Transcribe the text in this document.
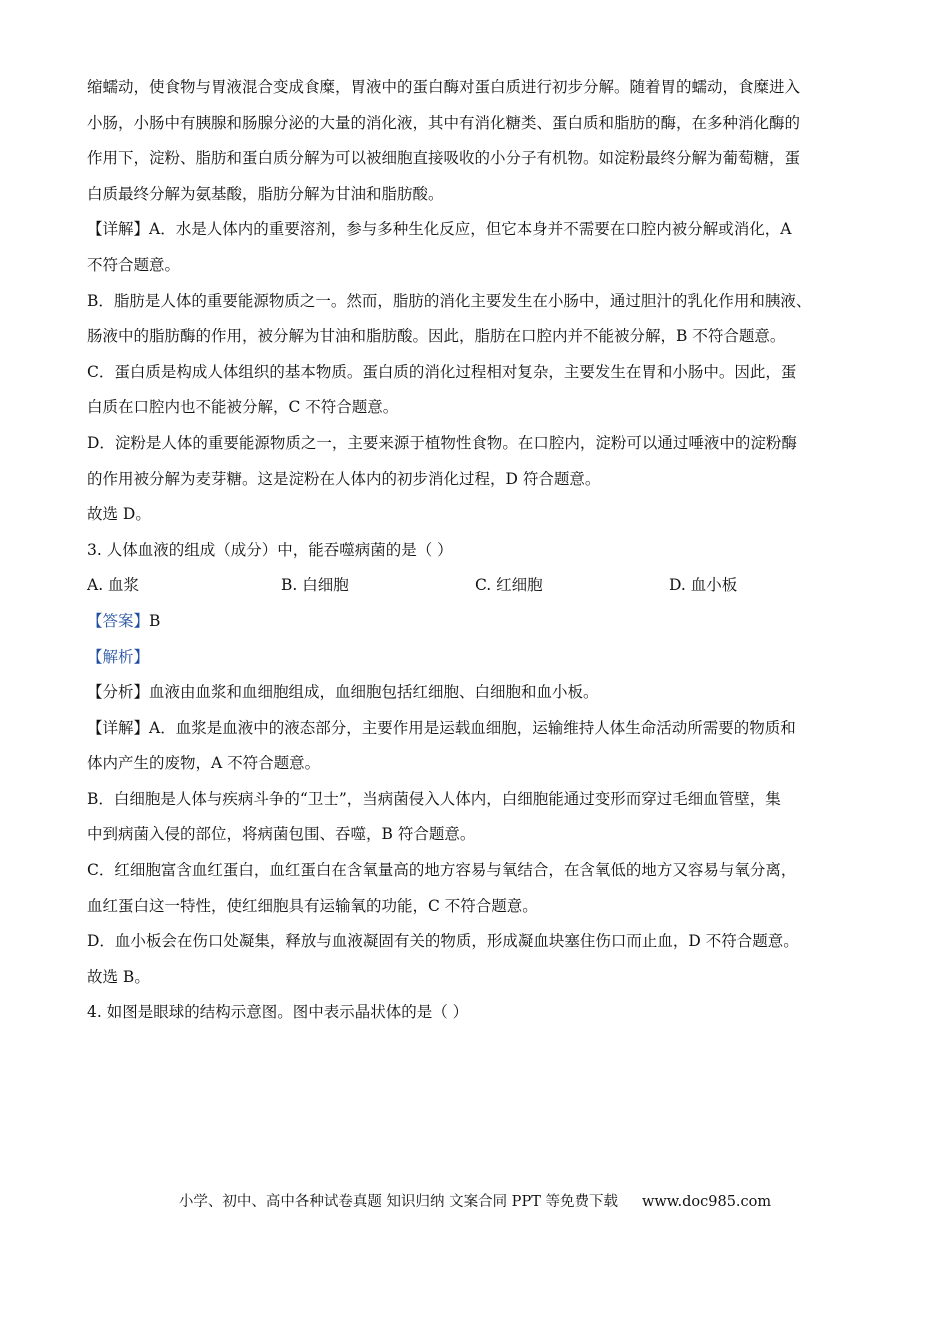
缩蠕动，使食物与胃液混合变成食糜，胃液中的蛋白酶对蛋白质进行初步分解。随着胃的蠕动，食糜进入
小肠，小肠中有胰腺和肠腺分泌的大量的消化液，其中有消化糖类、蛋白质和脂肪的酶，在多种消化酶的
作用下，淀粉、脂肪和蛋白质分解为可以被细胞直接吸收的小分子有机物。如淀粉最终分解为葡萄糖，蛋
白质最终分解为氨基酸，脂肪分解为甘油和脂肪酸。
【详解】A．水是人体内的重要溶剂，参与多种生化反应，但它本身并不需要在口腔内被分解或消化，A
不符合题意。
B．脂肪是人体的重要能源物质之一。然而，脂肪的消化主要发生在小肠中，通过胆汁的乳化作用和胰液、
肠液中的脂肪酶的作用，被分解为甘油和脂肪酸。因此，脂肪在口腔内并不能被分解，B 不符合题意。
C．蛋白质是构成人体组织的基本物质。蛋白质的消化过程相对复杂，主要发生在胃和小肠中。因此，蛋
白质在口腔内也不能被分解，C 不符合题意。
D．淀粉是人体的重要能源物质之一，主要来源于植物性食物。在口腔内，淀粉可以通过唾液中的淀粉酶
的作用被分解为麦芽糖。这是淀粉在人体内的初步消化过程，D 符合题意。
故选 D。
3. 人体血液的组成（成分）中，能吞噬病菌的是（ ）
A. 血浆	B. 白细胞	C. 红细胞	D. 血小板
【答案】B
【解析】
【分析】血液由血浆和血细胞组成，血细胞包括红细胞、白细胞和血小板。
【详解】A．血浆是血液中的液态部分，主要作用是运载血细胞，运输维持人体生命活动所需要的物质和
体内产生的废物，A 不符合题意。
B．白细胞是人体与疾病斗争的“卫士”，当病菌侵入人体内，白细胞能通过变形而穿过毛细血管壁，集
中到病菌入侵的部位，将病菌包围、吞噬，B 符合题意。
C．红细胞富含血红蛋白，血红蛋白在含氧量高的地方容易与氧结合，在含氧低的地方又容易与氧分离，
血红蛋白这一特性，使红细胞具有运输氧的功能，C 不符合题意。
D．血小板会在伤口处凝集，释放与血液凝固有关的物质，形成凝血块塞住伤口而止血，D 不符合题意。
故选 B。
4. 如图是眼球的结构示意图。图中表示晶状体的是（ ）
小学、初中、高中各种试卷真题 知识归纳 文案合同 PPT 等免费下载 www.doc985.com
